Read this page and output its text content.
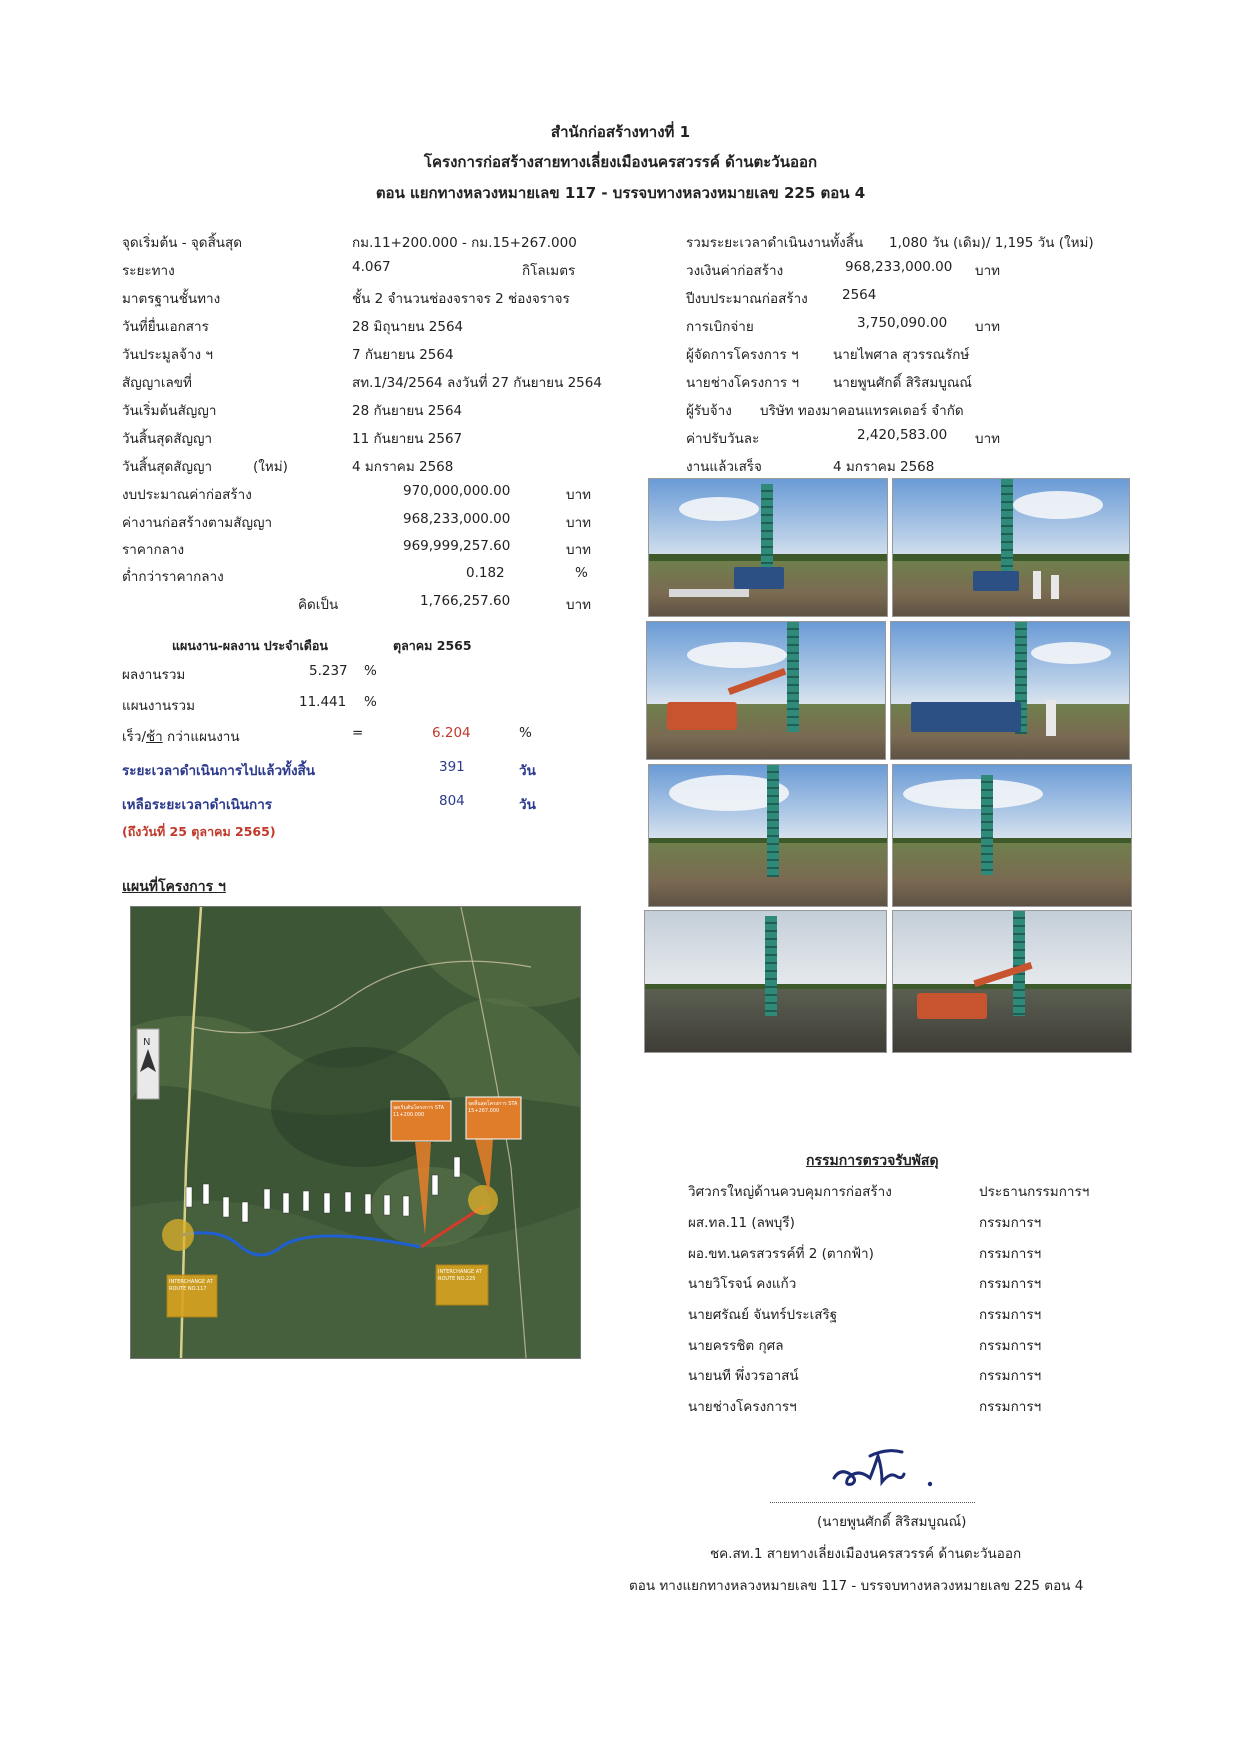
สำนักก่อสร้างทางที่ 1
โครงการก่อสร้างสายทางเลี่ยงเมืองนครสวรรค์ ด้านตะวันออก
ตอน แยกทางหลวงหมายเลข 117 - บรรจบทางหลวงหมายเลข 225 ตอน 4
จุดเริ่มต้น - จุดสิ้นสุด	กม.11+200.000 - กม.15+267.000
ระยะทาง	4.067	กิโลเมตร
มาตรฐานชั้นทาง	ชั้น 2 จำนวนช่องจราจร 2 ช่องจราจร
วันที่ยื่นเอกสาร	28 มิถุนายน 2564
วันประมูลจ้าง ฯ	7 กันยายน 2564
สัญญาเลขที่	สท.1/34/2564 ลงวันที่ 27 กันยายน 2564
วันเริ่มต้นสัญญา	28 กันยายน 2564
วันสิ้นสุดสัญญา	11 กันยายน 2567
วันสิ้นสุดสัญญา	(ใหม่)	4 มกราคม 2568
งบประมาณค่าก่อสร้าง	970,000,000.00	บาท
ค่างานก่อสร้างตามสัญญา	968,233,000.00	บาท
ราคากลาง	969,999,257.60	บาท
ต่ำกว่าราคากลาง	0.182	%
คิดเป็น	1,766,257.60	บาท
รวมระยะเวลาดำเนินงานทั้งสิ้น 1,080 วัน (เดิม)/ 1,195 วัน (ใหม่)
วงเงินค่าก่อสร้าง	968,233,000.00 บาท
ปีงบประมาณก่อสร้าง	2564
การเบิกจ่าย	3,750,090.00 บาท
ผู้จัดการโครงการ ฯ	นายไพศาล สุวรรณรักษ์
นายช่างโครงการ ฯ	นายพูนศักดิ์ สิริสมบูณณ์
ผู้รับจ้าง บริษัท ทองมาคอนแทรคเตอร์ จำกัด
ค่าปรับวันละ	2,420,583.00 บาท
งานแล้วเสร็จ	4 มกราคม 2568
แผนงาน-ผลงาน ประจำเดือน	ตุลาคม 2565
ผลงานรวม	5.237 %
แผนงานรวม	11.441 %
เร็ว/ช้า กว่าแผนงาน	=	6.204	%
ระยะเวลาดำเนินการไปแล้วทั้งสิ้น	391	วัน
เหลือระยะเวลาดำเนินการ	804	วัน
(ถึงวันที่ 25 ตุลาคม 2565)
แผนที่โครงการ ฯ
N
จุดเริ่มต้นโครงการ STA 11+200.000
จุดสิ้นสุดโครงการ STA 15+267.000
INTERCHANGE AT ROUTE NO.117
INTERCHANGE AT ROUTE NO.225
กรรมการตรวจรับพัสดุ
วิศวกรใหญ่ด้านควบคุมการก่อสร้าง	ประธานกรรมการฯ
ผส.ทล.11 (ลพบุรี)	กรรมการฯ
ผอ.ขท.นครสวรรค์ที่ 2 (ตากฟ้า)	กรรมการฯ
นายวิโรจน์ คงแก้ว	กรรมการฯ
นายศรัณย์ จันทร์ประเสริฐ	กรรมการฯ
นายครรชิต กุศล	กรรมการฯ
นายนที พึ่งวรอาสน์	กรรมการฯ
นายช่างโครงการฯ	กรรมการฯ
(นายพูนศักดิ์ สิริสมบูณณ์)
ชค.สท.1 สายทางเลี่ยงเมืองนครสวรรค์ ด้านตะวันออก
ตอน ทางแยกทางหลวงหมายเลข 117 - บรรจบทางหลวงหมายเลข 225 ตอน 4
